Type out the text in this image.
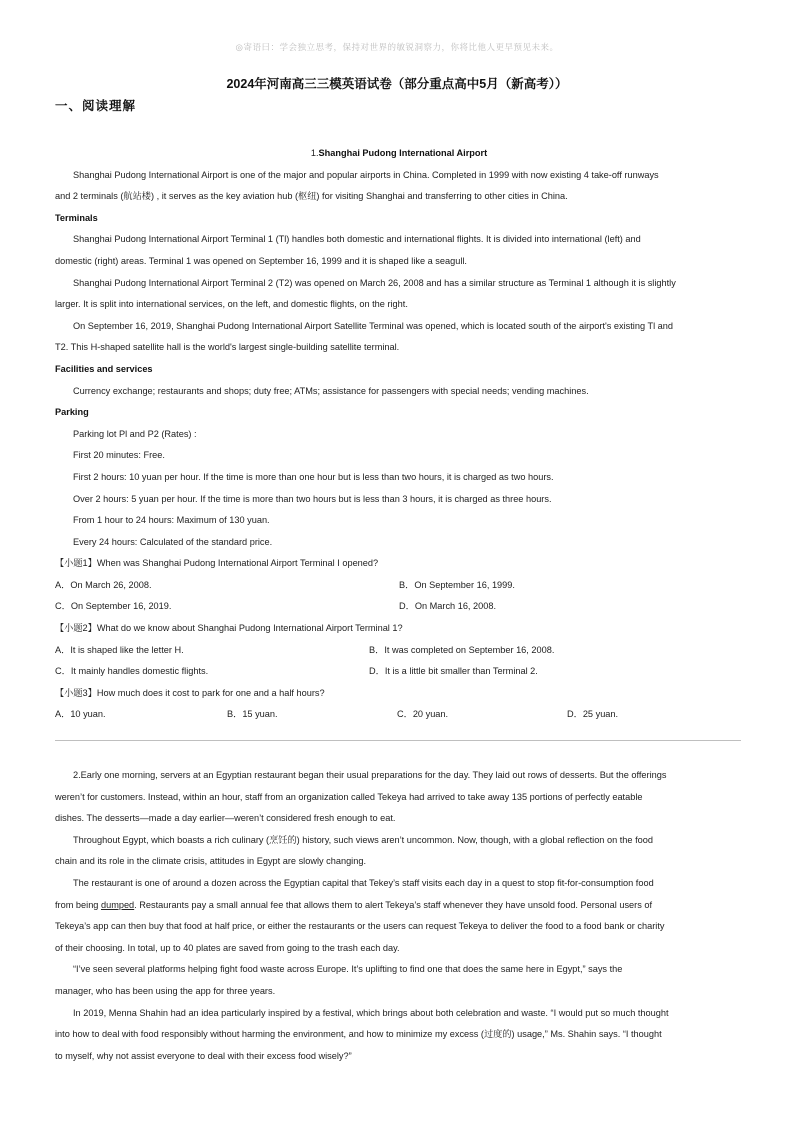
◎寄语曰：学会独立思考，保持对世界的敏锐洞察力，你将比他人更早预见未来。
2024年河南高三三模英语试卷（部分重点高中5月（新高考））
一、阅读理解
1.Shanghai Pudong International Airport
Shanghai Pudong International Airport is one of the major and popular airports in China. Completed in 1999 with now existing 4 take-off runways
and 2 terminals (航站楼) , it serves as the key aviation hub (枢纽) for visiting Shanghai and transferring to other cities in China.
Terminals
Shanghai Pudong International Airport Terminal 1 (Tl) handles both domestic and international flights. It is divided into international (left) and
domestic (right) areas. Terminal 1 was opened on September 16, 1999 and it is shaped like a seagull.
Shanghai Pudong International Airport Terminal 2 (T2) was opened on March 26, 2008 and has a similar structure as Terminal 1 although it is slightly
larger. It is split into international services, on the left, and domestic flights, on the right.
On September 16, 2019, Shanghai Pudong International Airport Satellite Terminal was opened, which is located south of the airport's existing Tl and
T2. This H-shaped satellite hall is the world's largest single-building satellite terminal.
Facilities and services
Currency exchange; restaurants and shops; duty free; ATMs; assistance for passengers with special needs; vending machines.
Parking
Parking lot Pl and P2 (Rates) :
First 20 minutes: Free.
First 2 hours: 10 yuan per hour. If the time is more than one hour but is less than two hours, it is charged as two hours.
Over 2 hours: 5 yuan per hour. If the time is more than two hours but is less than 3 hours, it is charged as three hours.
From 1 hour to 24 hours: Maximum of 130 yuan.
Every 24 hours: Calculated of the standard price.
【小题1】When was Shanghai Pudong International Airport Terminal I opened?
A．On March 26, 2008.	B．On September 16, 1999.
C．On September 16, 2019.	D．On March 16, 2008.
【小题2】What do we know about Shanghai Pudong International Airport Terminal 1?
A．It is shaped like the letter H.	B．It was completed on September 16, 2008.
C．It mainly handles domestic flights.	D．It is a little bit smaller than Terminal 2.
【小题3】How much does it cost to park for one and a half hours?
A．10 yuan.	B．15 yuan.	C．20 yuan.	D．25 yuan.
2.Early one morning, servers at an Egyptian restaurant began their usual preparations for the day. They laid out rows of desserts. But the offerings
weren’t for customers. Instead, within an hour, staff from an organization called Tekeya had arrived to take away 135 portions of perfectly eatable
dishes. The desserts—made a day earlier—weren’t considered fresh enough to eat.
Throughout Egypt, which boasts a rich culinary (烹饪的) history, such views aren’t uncommon. Now, though, with a global reflection on the food
chain and its role in the climate crisis, attitudes in Egypt are slowly changing.
The restaurant is one of around a dozen across the Egyptian capital that Tekey’s staff visits each day in a quest to stop fit-for-consumption food
from being dumped. Restaurants pay a small annual fee that allows them to alert Tekeya’s staff whenever they have unsold food. Personal users of
Tekeya’s app can then buy that food at half price, or either the restaurants or the users can request Tekeya to deliver the food to a food bank or charity
of their choosing. In total, up to 40 plates are saved from going to the trash each day.
“I’ve seen several platforms helping fight food waste across Europe. It’s uplifting to find one that does the same here in Egypt,” says the
manager, who has been using the app for three years.
In 2019, Menna Shahin had an idea particularly inspired by a festival, which brings about both celebration and waste. “I would put so much thought
into how to deal with food responsibly without harming the environment, and how to minimize my excess (过度的) usage,” Ms. Shahin says. “I thought
to myself, why not assist everyone to deal with their excess food wisely?”
